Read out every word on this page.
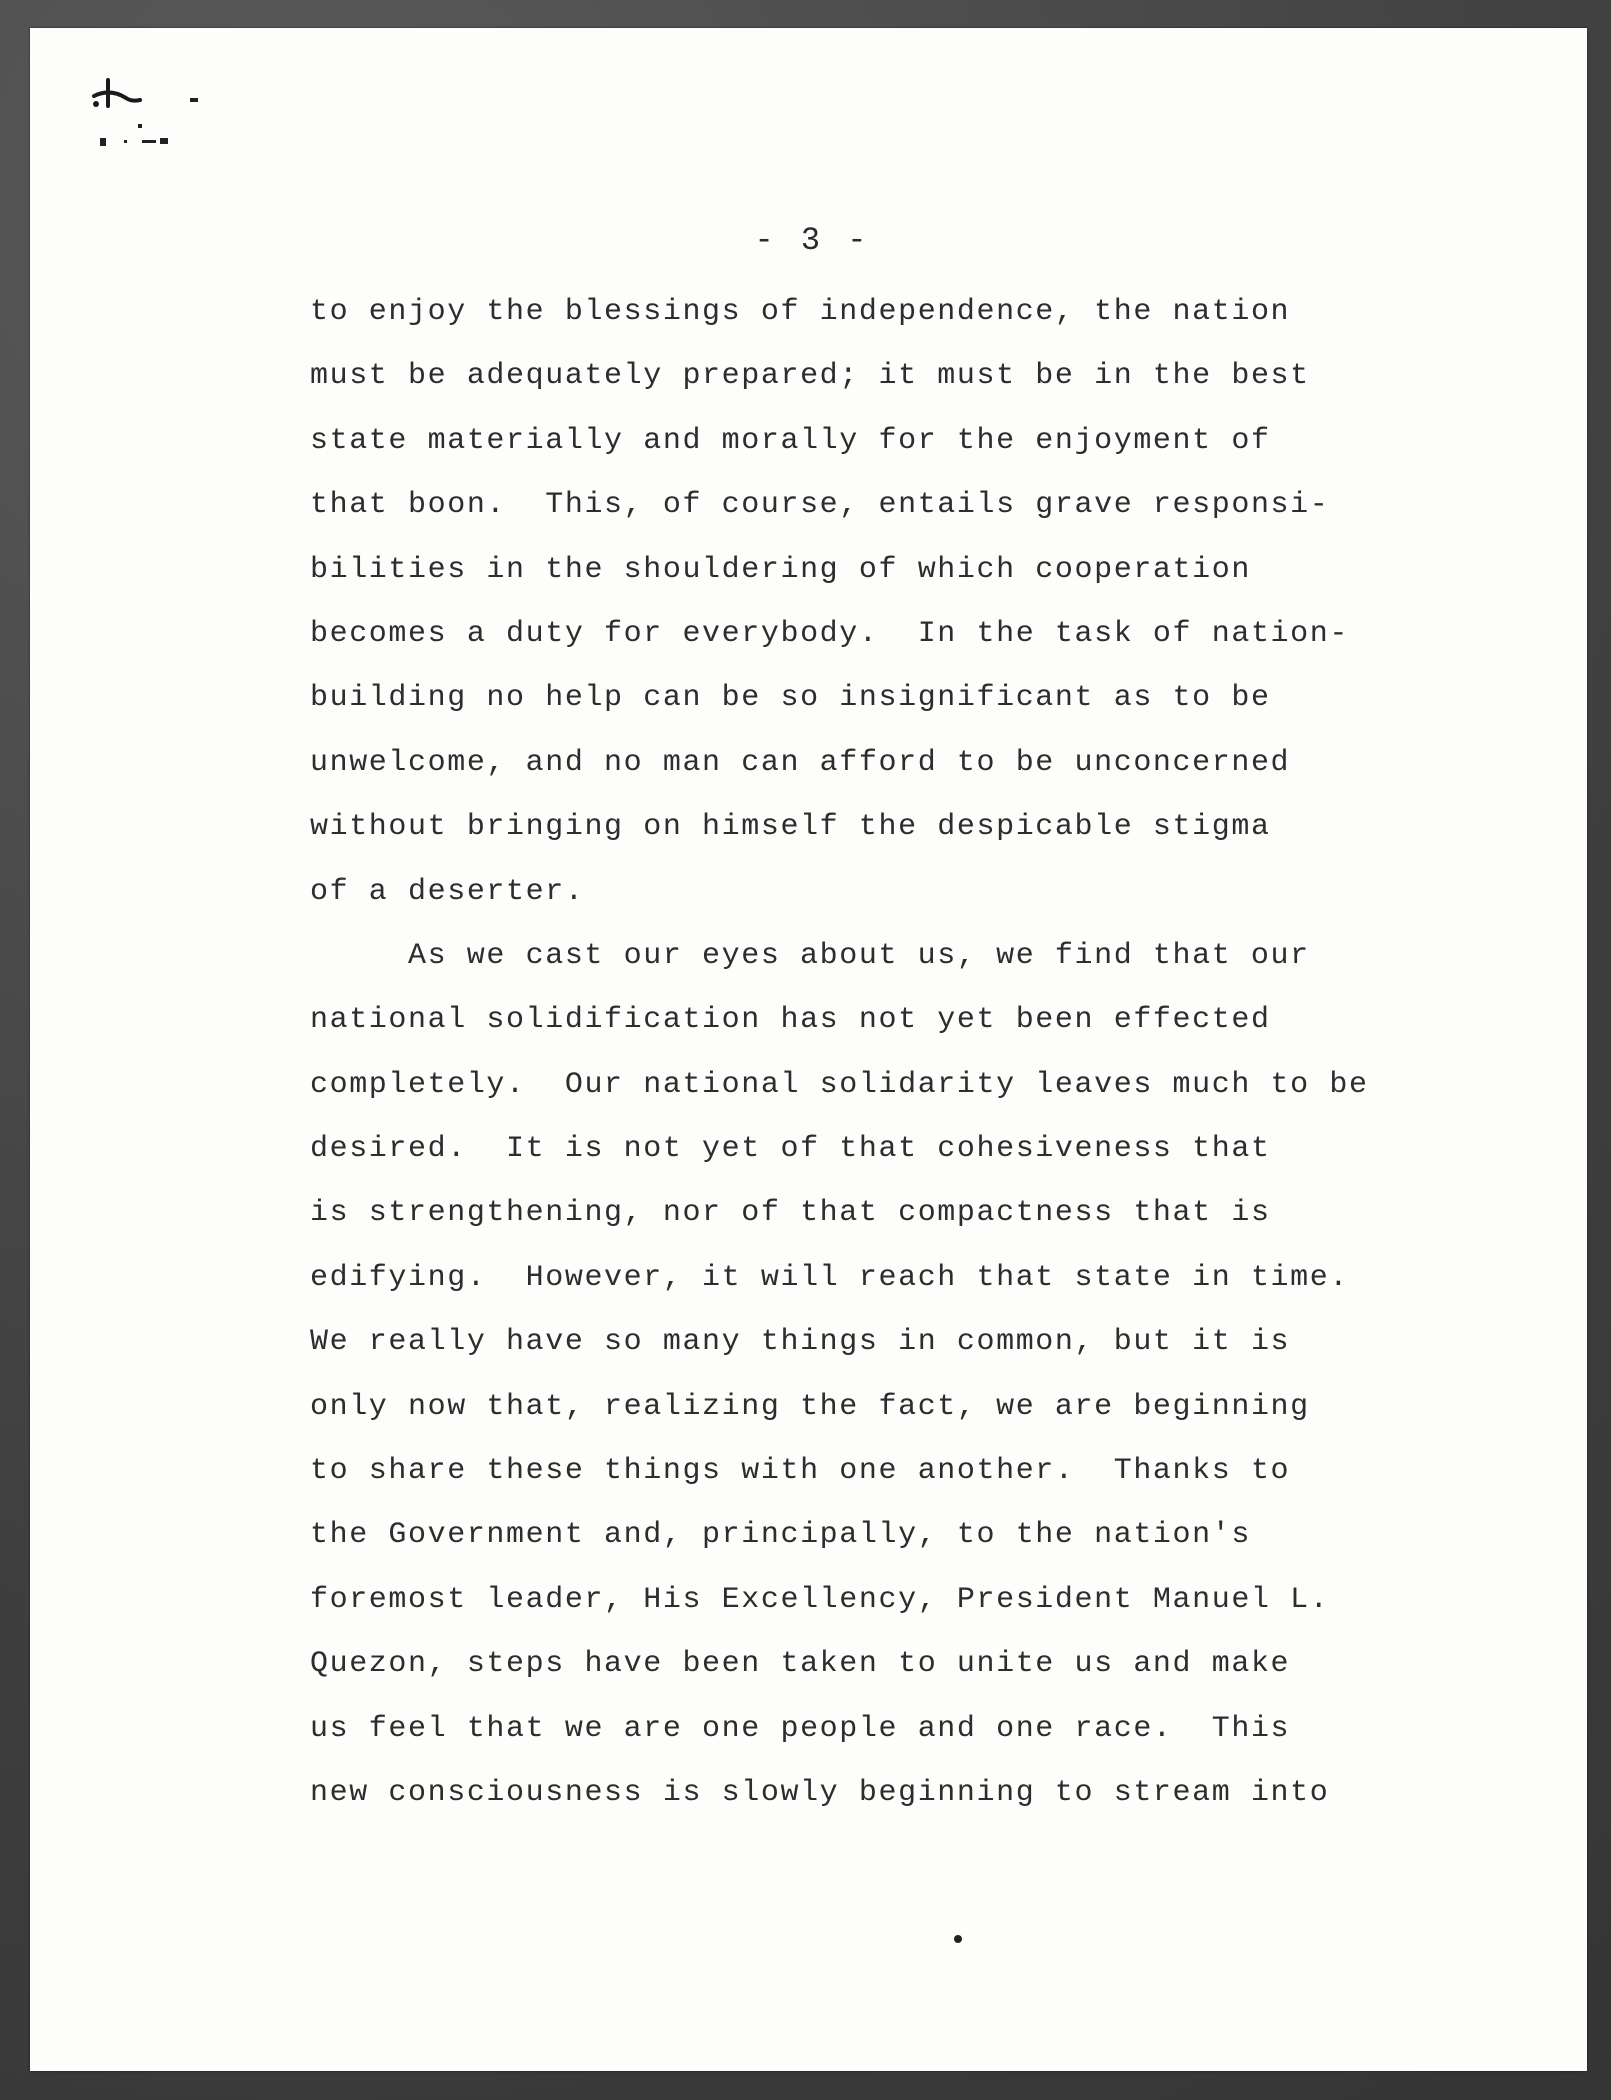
- 3 -
to enjoy the blessings of independence, the nation
must be adequately prepared; it must be in the best
state materially and morally for the enjoyment of
that boon.  This, of course, entails grave responsi-
bilities in the shouldering of which cooperation
becomes a duty for everybody.  In the task of nation-
building no help can be so insignificant as to be
unwelcome, and no man can afford to be unconcerned
without bringing on himself the despicable stigma
of a deserter.
As we cast our eyes about us, we find that our
national solidification has not yet been effected
completely.  Our national solidarity leaves much to be
desired.  It is not yet of that cohesiveness that
is strengthening, nor of that compactness that is
edifying.  However, it will reach that state in time.
We really have so many things in common, but it is
only now that, realizing the fact, we are beginning
to share these things with one another.  Thanks to
the Government and, principally, to the nation's
foremost leader, His Excellency, President Manuel L.
Quezon, steps have been taken to unite us and make
us feel that we are one people and one race.  This
new consciousness is slowly beginning to stream into
